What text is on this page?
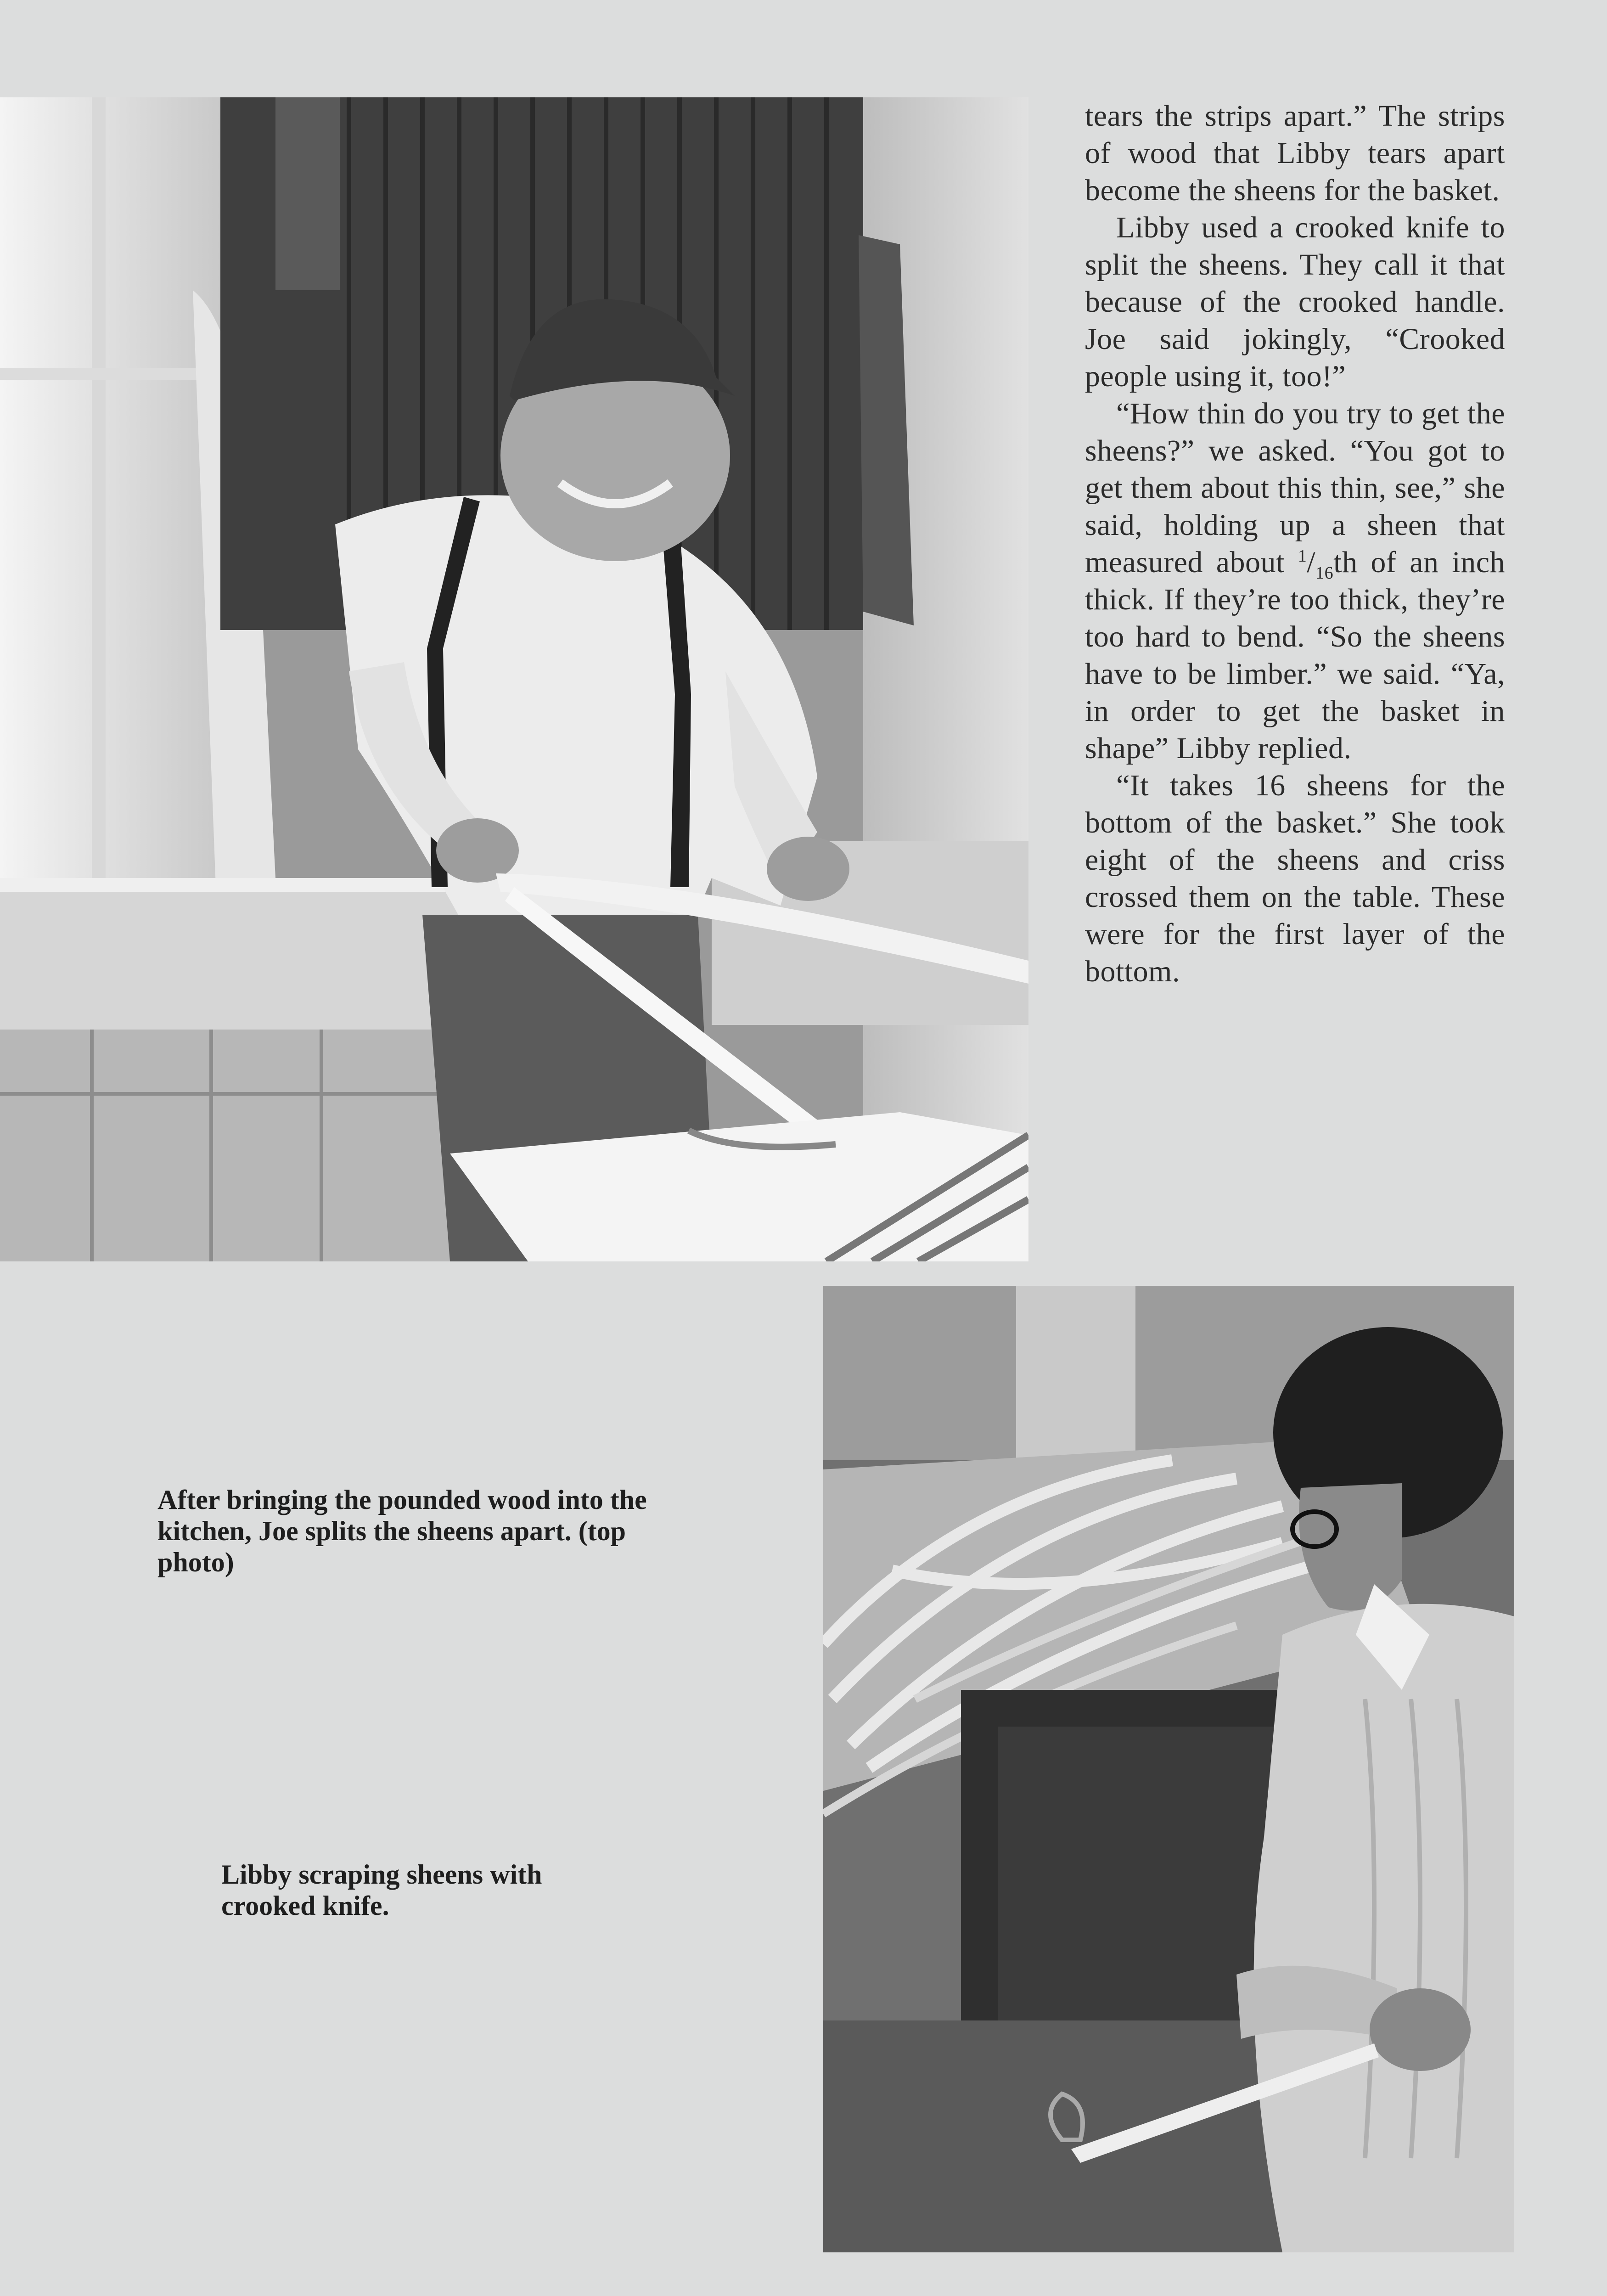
tears the strips apart.” The strips of wood that Libby tears apart become the sheens for the basket.

Libby used a crooked knife to split the sheens. They call it that because of the crooked handle. Joe said jokingly, “Crooked people using it, too!”

“How thin do you try to get the sheens?” we asked. “You got to get them about this thin, see,” she said, holding up a sheen that measured about $^1/_{16}th$ of an inch thick. If they’re too thick, they’re too hard to bend. “So the sheens have to be limber.” we said. “Ya, in order to get the basket in shape” Libby replied.

“It takes 16 sheens for the bottom of the basket.” She took eight of the sheens and criss crossed them on the table. These were for the first layer of the bottom.

After bringing the pounded wood into the kitchen, Joe splits the sheens apart. (top photo)
Libby scraping sheens with crooked knife.
